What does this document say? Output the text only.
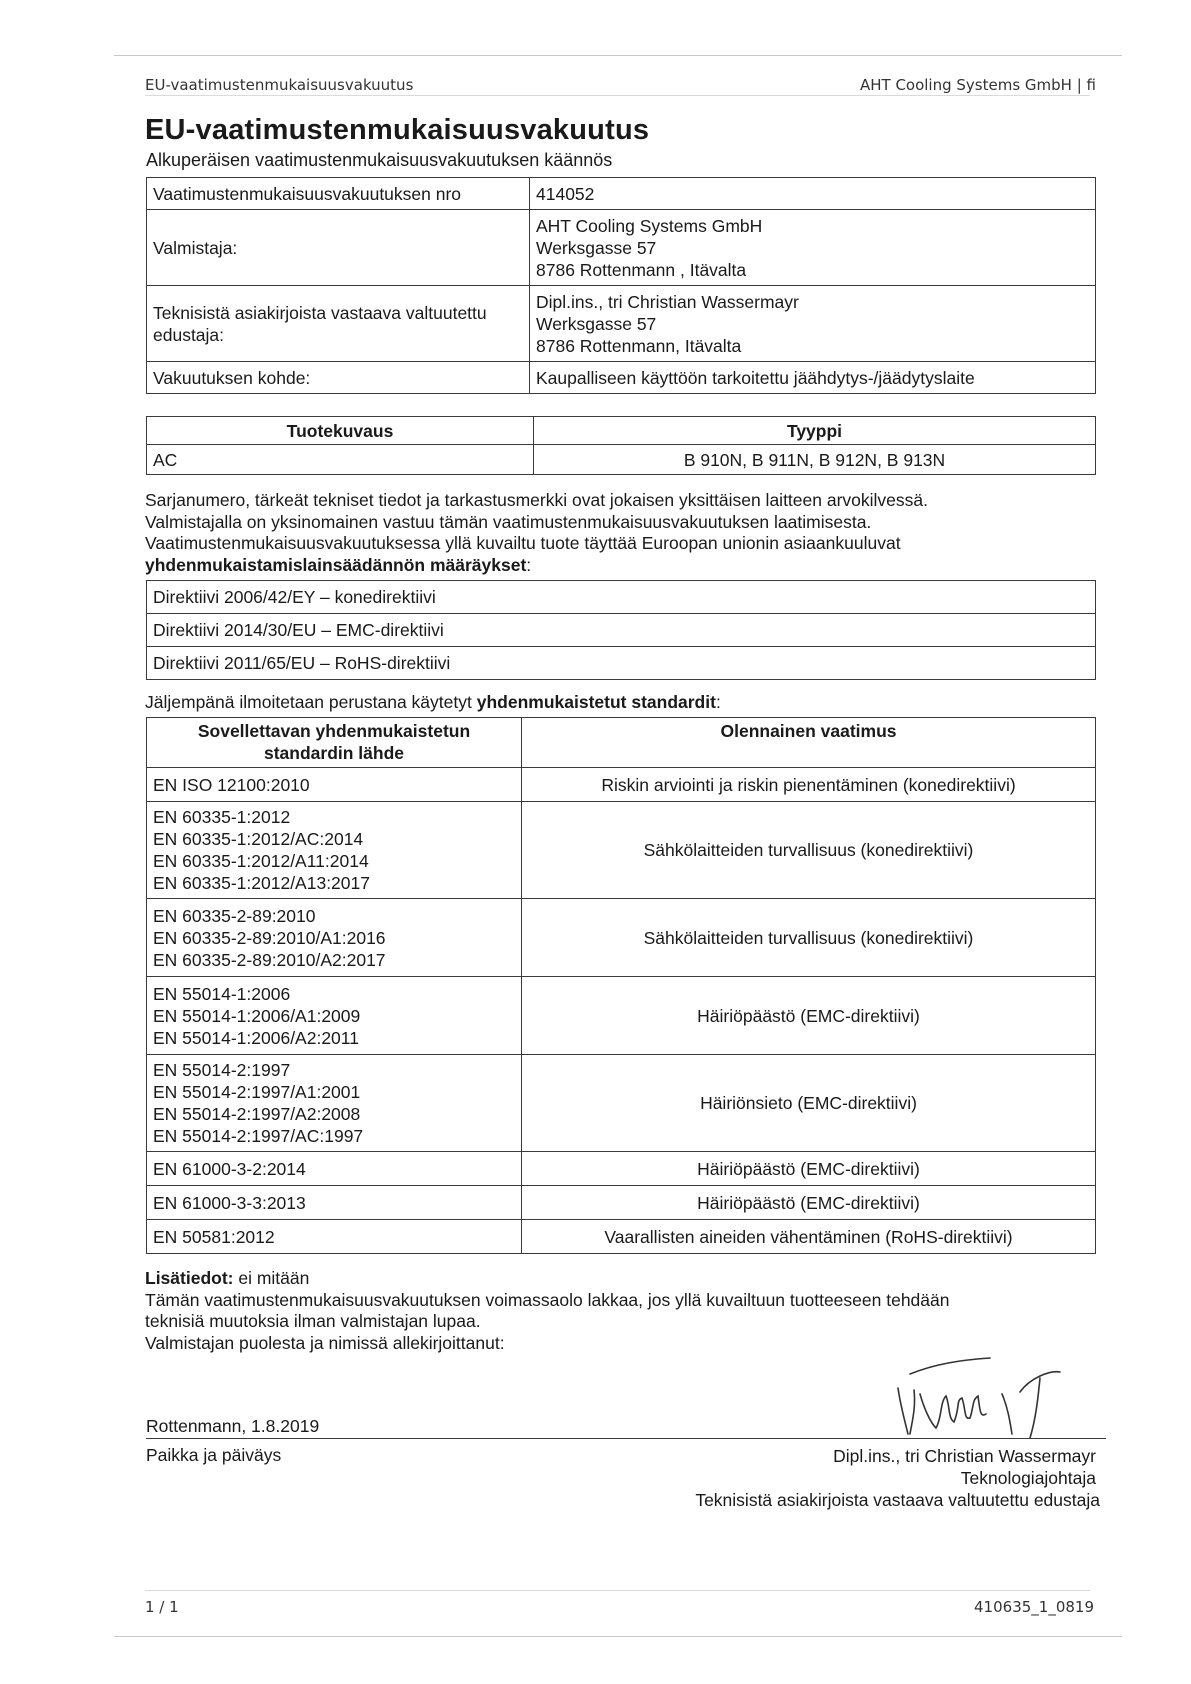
EU-vaatimustenmukaisuusvakuutus	AHT Cooling Systems GmbH | fi
EU-vaatimustenmukaisuusvakuutus
Alkuperäisen vaatimustenmukaisuusvakuutuksen käännös
Vaatimustenmukaisuusvakuutuksen nro	414052
Valmistaja:	AHT Cooling Systems GmbH
Werksgasse 57
8786 Rottenmann , Itävalta

Teknisistä asiakirjoista vastaava valtuutettu edustaja:	Dipl.ins., tri Christian Wassermayr
Werksgasse 57
8786 Rottenmann, Itävalta

Vakuutuksen kohde:	Kaupalliseen käyttöön tarkoitettu jäähdytys-/jäädytyslaite
Tuotekuvaus	Tyyppi
AC	B 910N, B 911N, B 912N, B 913N
Sarjanumero, tärkeät tekniset tiedot ja tarkastusmerkki ovat jokaisen yksittäisen laitteen arvokilvessä.
Valmistajalla on yksinomainen vastuu tämän vaatimustenmukaisuusvakuutuksen laatimisesta.
Vaatimustenmukaisuusvakuutuksessa yllä kuvailtu tuote täyttää Euroopan unionin asiaankuuluvat
yhdenmukaistamislainsäädännön määräykset:
Direktiivi 2006/42/EY – konedirektiivi
Direktiivi 2014/30/EU – EMC-direktiivi
Direktiivi 2011/65/EU – RoHS-direktiivi
Jäljempänä ilmoitetaan perustana käytetyt yhdenmukaistetut standardit:
Sovellettavan yhdenmukaistetun standardin lähde	Olennainen vaatimus

EN ISO 12100:2010	Riskin arviointi ja riskin pienentäminen (konedirektiivi)

EN 60335-1:2012
EN 60335-1:2012/AC:2014
EN 60335-1:2012/A11:2014
EN 60335-1:2012/A13:2017	Sähkölaitteiden turvallisuus (konedirektiivi)

EN 60335-2-89:2010
EN 60335-2-89:2010/A1:2016
EN 60335-2-89:2010/A2:2017	Sähkölaitteiden turvallisuus (konedirektiivi)

EN 55014-1:2006
EN 55014-1:2006/A1:2009
EN 55014-1:2006/A2:2011	Häiriöpäästö (EMC-direktiivi)

EN 55014-2:1997
EN 55014-2:1997/A1:2001
EN 55014-2:1997/A2:2008
EN 55014-2:1997/AC:1997	Häiriönsieto (EMC-direktiivi)

EN 61000-3-2:2014	Häiriöpäästö (EMC-direktiivi)

EN 61000-3-3:2013	Häiriöpäästö (EMC-direktiivi)

EN 50581:2012	Vaarallisten aineiden vähentäminen (RoHS-direktiivi)
Lisätiedot: ei mitään
Tämän vaatimustenmukaisuusvakuutuksen voimassaolo lakkaa, jos yllä kuvailtuun tuotteeseen tehdään
teknisiä muutoksia ilman valmistajan lupaa.
Valmistajan puolesta ja nimissä allekirjoittanut:
Rottenmann, 1.8.2019
Paikka ja päiväys	Dipl.ins., tri Christian Wassermayr
Teknologiajohtaja
Teknisistä asiakirjoista vastaava valtuutettu edustaja
1 / 1	410635_1_0819
